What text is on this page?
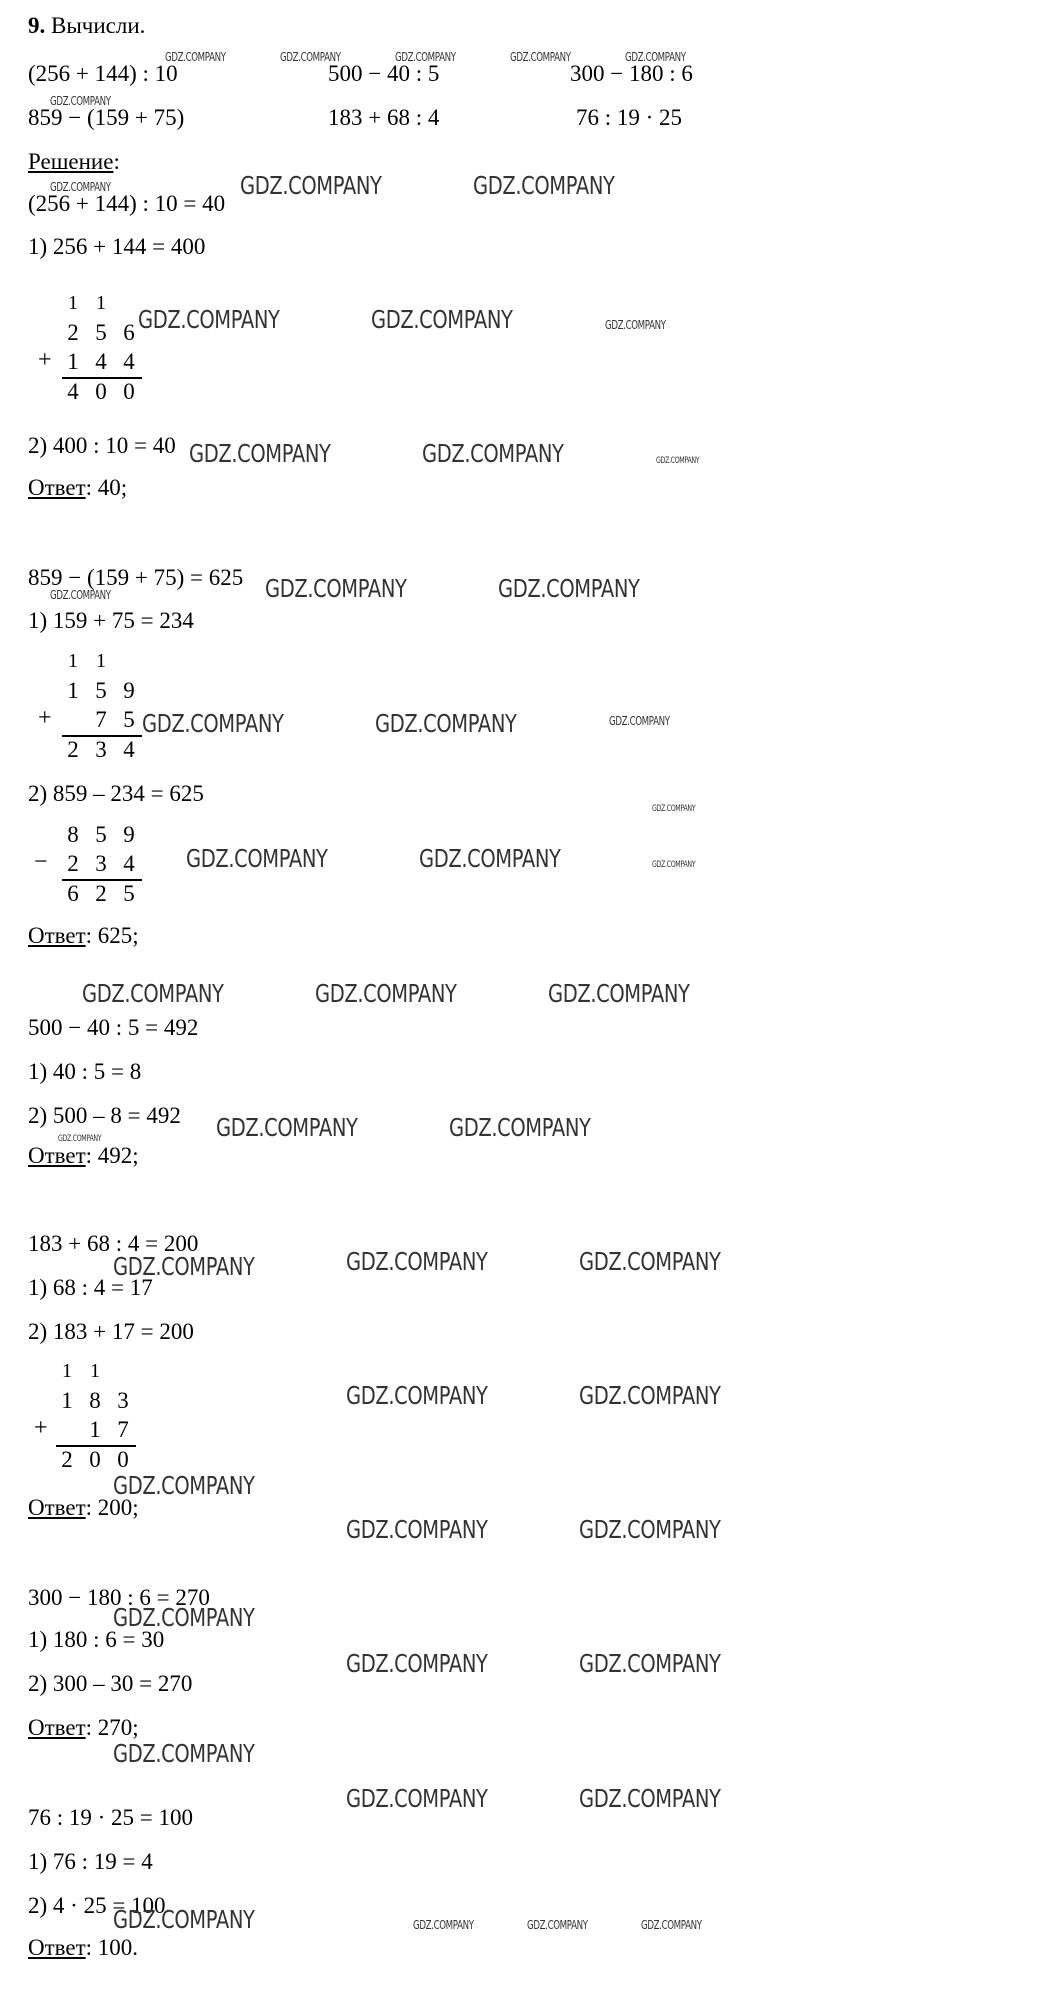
9. Вычисли.
(256 + 144) : 10	500 − 40 : 5	300 − 180 : 6
859 − (159 + 75)	183 + 68 : 4	76 : 19 · 25
Решение:
(256 + 144) : 10 = 40
1) 256 + 144 = 400
1 1
2 5 6
+ 1 4 4
4 0 0
2) 400 : 10 = 40
Ответ: 40;
859 − (159 + 75) = 625
1) 159 + 75 = 234
1 1
1 5 9
+	7 5
2 3 4
2) 859 – 234 = 625
8 5 9
− 2 3 4
6 2 5
Ответ: 625;
500 − 40 : 5 = 492
1) 40 : 5 = 8
2) 500 – 8 = 492
Ответ: 492;
183 + 68 : 4 = 200
1) 68 : 4 = 17
2) 183 + 17 = 200
1 1
1 8 3
+	1 7
2 0 0
Ответ: 200;
300 − 180 : 6 = 270
1) 180 : 6 = 30
2) 300 – 30 = 270
Ответ: 270;
76 : 19 · 25 = 100
1) 76 : 19 = 4
2) 4 · 25 = 100
Ответ: 100.
GDZ.COMPANY	GDZ.COMPANY	GDZ.COMPANY	GDZ.COMPANY	GDZ.COMPANY
GDZ.COMPANY
GDZ.COMPANY	GDZ.COMPANY	GDZ.COMPANY
GDZ.COMPANY	GDZ.COMPANY	GDZ.COMPANY
GDZ.COMPANY	GDZ.COMPANY	GDZ.COMPANY
GDZ.COMPANY	GDZ.COMPANY
GDZ.COMPANY
GDZ.COMPANY	GDZ.COMPANY	GDZ.COMPANY
GDZ.COMPANY
GDZ.COMPANY	GDZ.COMPANY	GDZ.COMPANY
GDZ.COMPANY	GDZ.COMPANY	GDZ.COMPANY
GDZ.COMPANY	GDZ.COMPANY
GDZ.COMPANY
GDZ.COMPANY	GDZ.COMPANY	GDZ.COMPANY
GDZ.COMPANY	GDZ.COMPANY
GDZ.COMPANY
GDZ.COMPANY	GDZ.COMPANY
GDZ.COMPANY
GDZ.COMPANY	GDZ.COMPANY
GDZ.COMPANY
GDZ.COMPANY	GDZ.COMPANY
GDZ.COMPANY	GDZ.COMPANY	GDZ.COMPANY	GDZ.COMPANY
